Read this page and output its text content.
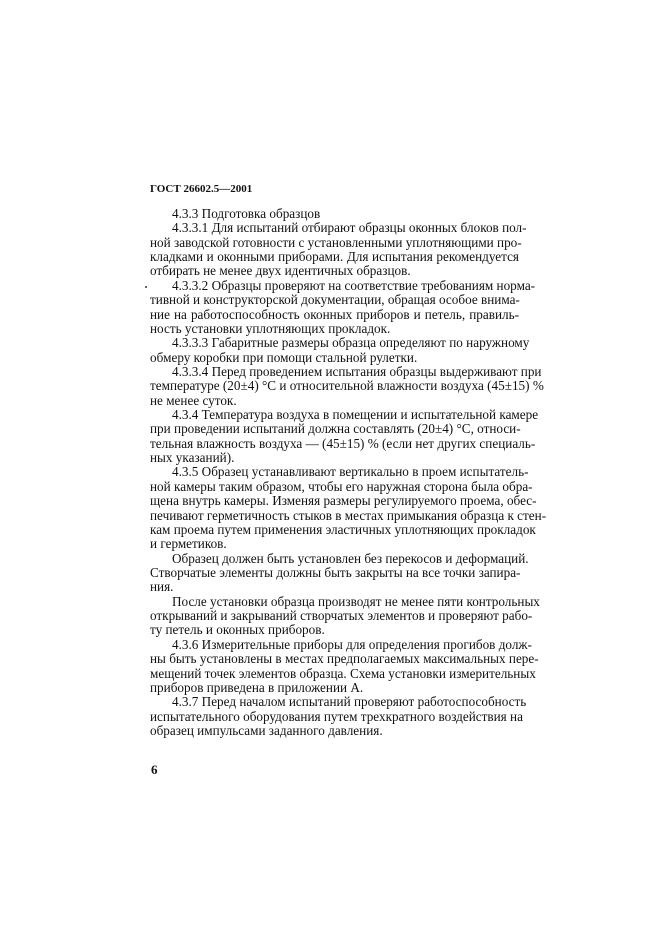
ГОСТ 26602.5—2001
4.3.3 Подготовка образцов
4.3.3.1 Для испытаний отбирают образцы оконных блоков пол-
ной заводской готовности с установленными уплотняющими про-
кладками и оконными приборами. Для испытания рекомендуется
отбирать не менее двух идентичных образцов.
4.3.3.2 Образцы проверяют на соответствие требованиям норма-
тивной и конструкторской документации, обращая особое внима-
ние на работоспособность оконных приборов и петель, правиль-
ность установки уплотняющих прокладок.
4.3.3.3 Габаритные размеры образца определяют по наружному
обмеру коробки при помощи стальной рулетки.
4.3.3.4 Перед проведением испытания образцы выдерживают при
температуре (20±4) °С и относительной влажности воздуха (45±15) %
не менее суток.
4.3.4 Температура воздуха в помещении и испытательной камере
при проведении испытаний должна составлять (20±4) °С, относи-
тельная влажность воздуха — (45±15) % (если нет других специаль-
ных указаний).
4.3.5 Образец устанавливают вертикально в проем испытатель-
ной камеры таким образом, чтобы его наружная сторона была обра-
щена внутрь камеры. Изменяя размеры регулируемого проема, обес-
печивают герметичность стыков в местах примыкания образца к стен-
кам проема путем применения эластичных уплотняющих прокладок
и герметиков.
Образец должен быть установлен без перекосов и деформаций.
Створчатые элементы должны быть закрыты на все точки запира-
ния.
После установки образца производят не менее пяти контрольных
открываний и закрываний створчатых элементов и проверяют рабо-
ту петель и оконных приборов.
4.3.6 Измерительные приборы для определения прогибов долж-
ны быть установлены в местах предполагаемых максимальных пере-
мещений точек элементов образца. Схема установки измерительных
приборов приведена в приложении А.
4.3.7 Перед началом испытаний проверяют работоспособность
испытательного оборудования путем трехкратного воздействия на
образец импульсами заданного давления.
6
